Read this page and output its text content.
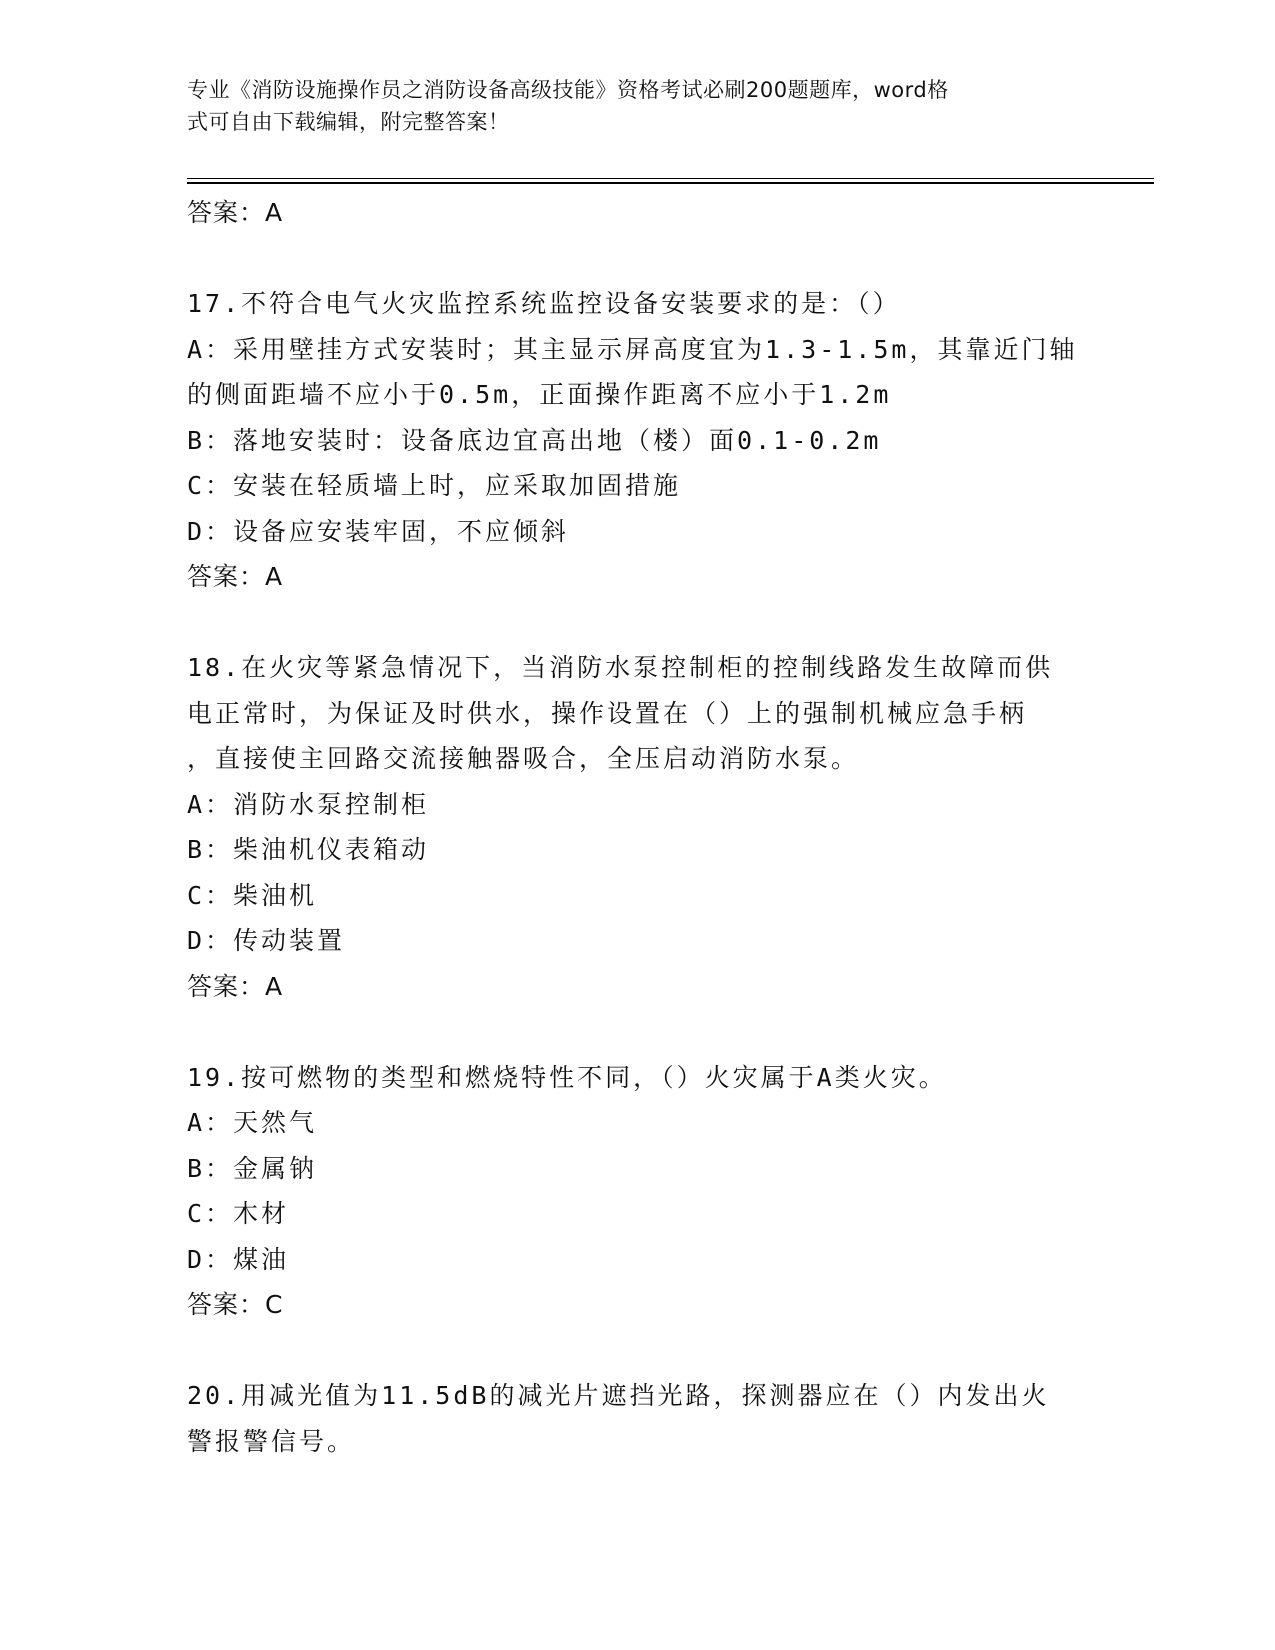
专业《消防设施操作员之消防设备高级技能》资格考试必刷200题题库，word格
式可自由下载编辑，附完整答案！
答案：A
17.不符合电气火灾监控系统监控设备安装要求的是：（）
A：采用壁挂方式安装时；其主显示屏高度宜为1.3-1.5m，其靠近门轴
的侧面距墙不应小于0.5m，正面操作距离不应小于1.2m
B：落地安装时：设备底边宜高出地（楼）面0.1-0.2m
C：安装在轻质墙上时，应采取加固措施
D：设备应安装牢固，不应倾斜
答案：A
18.在火灾等紧急情况下，当消防水泵控制柜的控制线路发生故障而供
电正常时，为保证及时供水，操作设置在（）上的强制机械应急手柄
，直接使主回路交流接触器吸合，全压启动消防水泵。
A：消防水泵控制柜
B：柴油机仪表箱动
C：柴油机
D：传动装置
答案：A
19.按可燃物的类型和燃烧特性不同，（）火灾属于A类火灾。
A：天然气
B：金属钠
C：木材
D：煤油
答案：C
20.用减光值为11.5dB的减光片遮挡光路，探测器应在（）内发出火
警报警信号。
